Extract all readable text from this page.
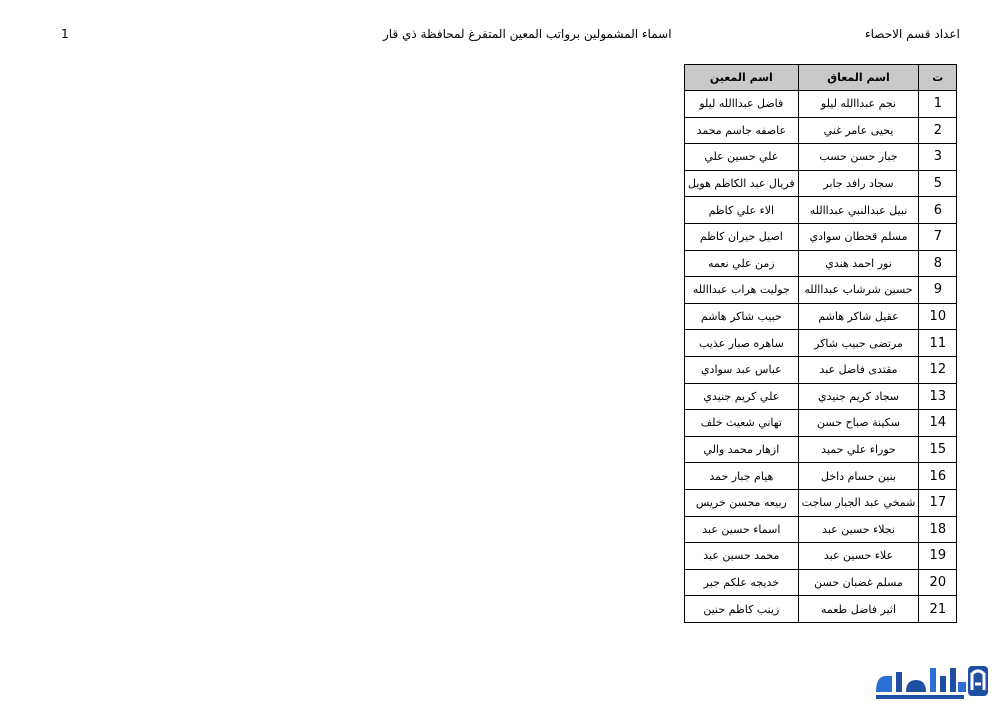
1	اسماء المشمولين برواتب المعين المتفرغ لمحافظة ذي قار	اعداد قسم الاحصاء
ت	اسم المعاق	اسم المعين
1	نجم عبداالله ليلو	فاضل عبداالله ليلو
2	يحيى عامر غني	عاصفه جاسم محمد
3	جبار حسن حسب	علي حسين علي
5	سجاد رافد جابر	فريال عبد الكاظم هويل
6	نبيل عبدالنبي عبداالله	الاء علي كاظم
7	مسلم قحطان سوادي	اصيل حيران كاظم
8	نور احمد هندي	زمن علي نعمه
9	حسين شرشاب عبداالله	جوليت هراب عبداالله
10	عقيل شاكر هاشم	حبيب شاكر هاشم
11	مرتضى حبيب شاكر	ساهره صبار عذيب
12	مقتدى فاضل عبد	عباس عبد سوادي
13	سجاد كريم جنيدي	علي كريم جنيدي
14	سكينة صباح حسن	تهاني شعيث خلف
15	حوراء علي حميد	ازهار محمد والي
16	بنين حسام داخل	هيام جبار حمد
17	شمخي عبد الجبار ساجت	ربيعه محسن خريس
18	نجلاء حسين عبد	اسماء حسين عبد
19	علاء حسين عبد	محمد حسين عبد
20	مسلم غضبان حسن	خديجه علكم جبر
21	اثير فاضل طعمه	زينب كاظم حنين
